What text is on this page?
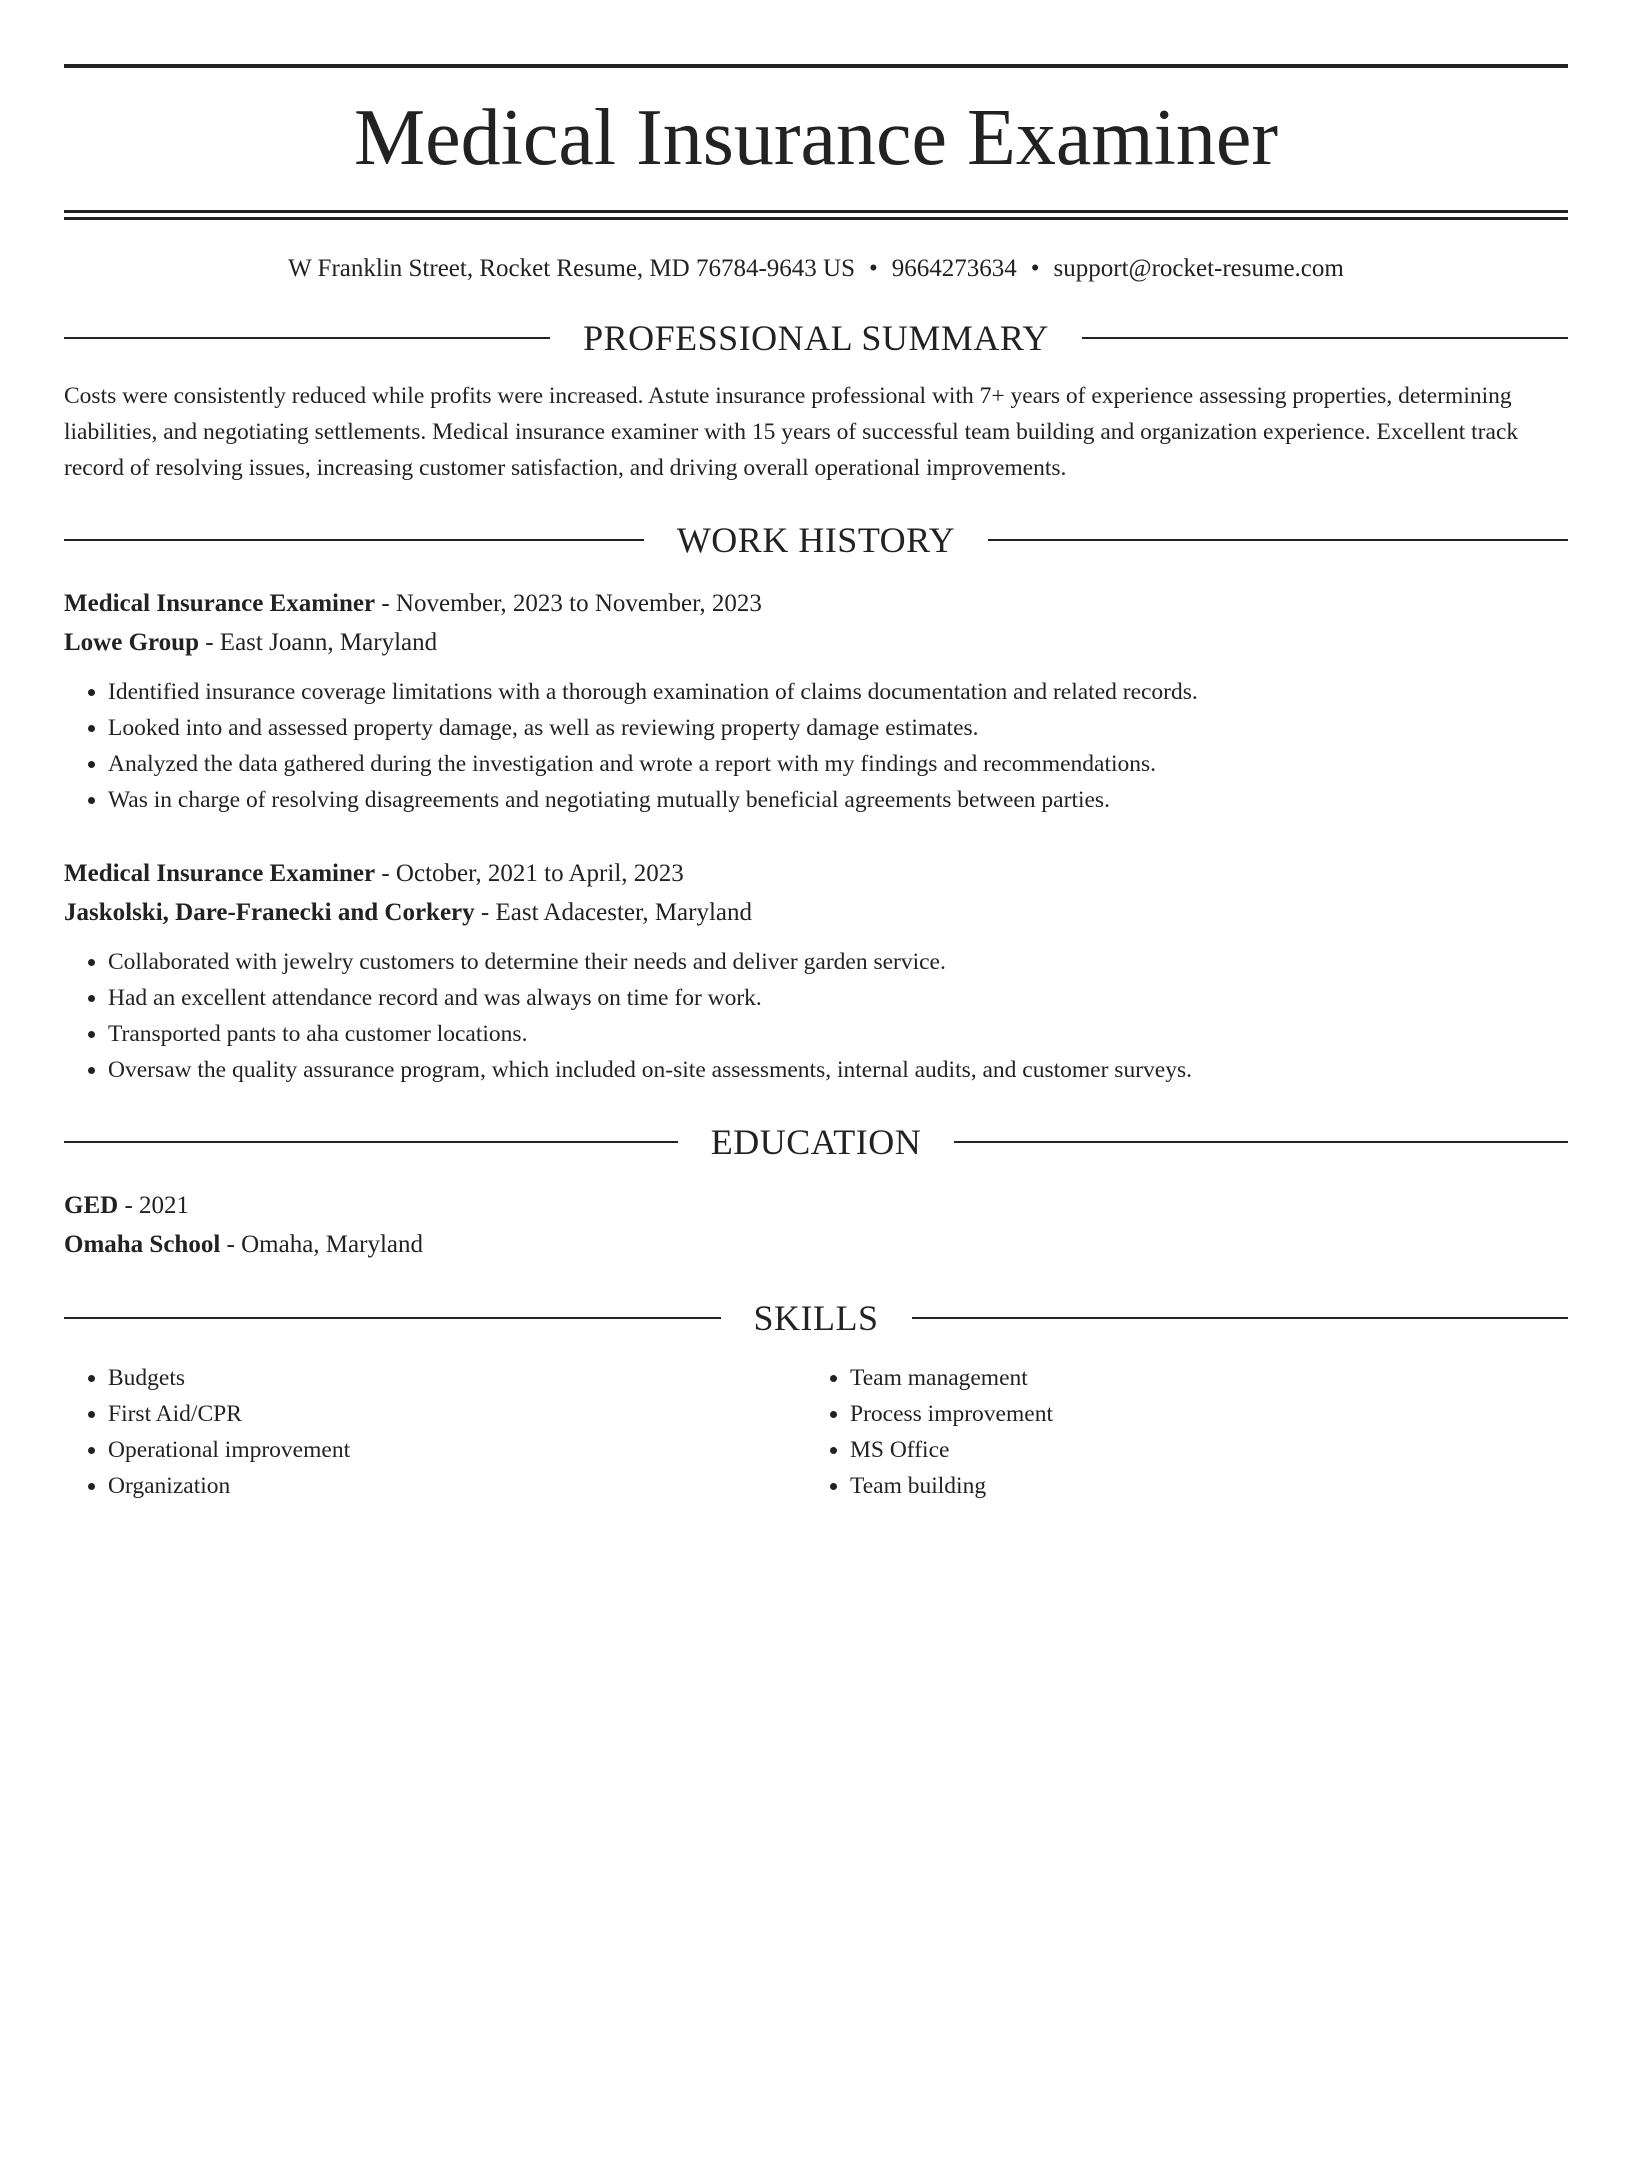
Medical Insurance Examiner
W Franklin Street, Rocket Resume, MD 76784-9643 US • 9664273634 • support@rocket-resume.com
PROFESSIONAL SUMMARY

Costs were consistently reduced while profits were increased. Astute insurance professional with 7+ years of experience assessing properties, determining liabilities, and negotiating settlements. Medical insurance examiner with 15 years of successful team building and organization experience. Excellent track record of resolving issues, increasing customer satisfaction, and driving overall operational improvements.

WORK HISTORY
Medical Insurance Examiner - November, 2023 to November, 2023
Lowe Group - East Joann, Maryland
• Identified insurance coverage limitations with a thorough examination of claims documentation and related records.
• Looked into and assessed property damage, as well as reviewing property damage estimates.
• Analyzed the data gathered during the investigation and wrote a report with my findings and recommendations.
• Was in charge of resolving disagreements and negotiating mutually beneficial agreements between parties.
Medical Insurance Examiner - October, 2021 to April, 2023
Jaskolski, Dare-Franecki and Corkery - East Adacester, Maryland
• Collaborated with jewelry customers to determine their needs and deliver garden service.
• Had an excellent attendance record and was always on time for work.
• Transported pants to aha customer locations.
• Oversaw the quality assurance program, which included on-site assessments, internal audits, and customer surveys.
EDUCATION
GED - 2021
Omaha School - Omaha, Maryland
SKILLS
• Budgets
• First Aid/CPR
• Operational improvement
• Organization
• Team management
• Process improvement
• MS Office
• Team building
